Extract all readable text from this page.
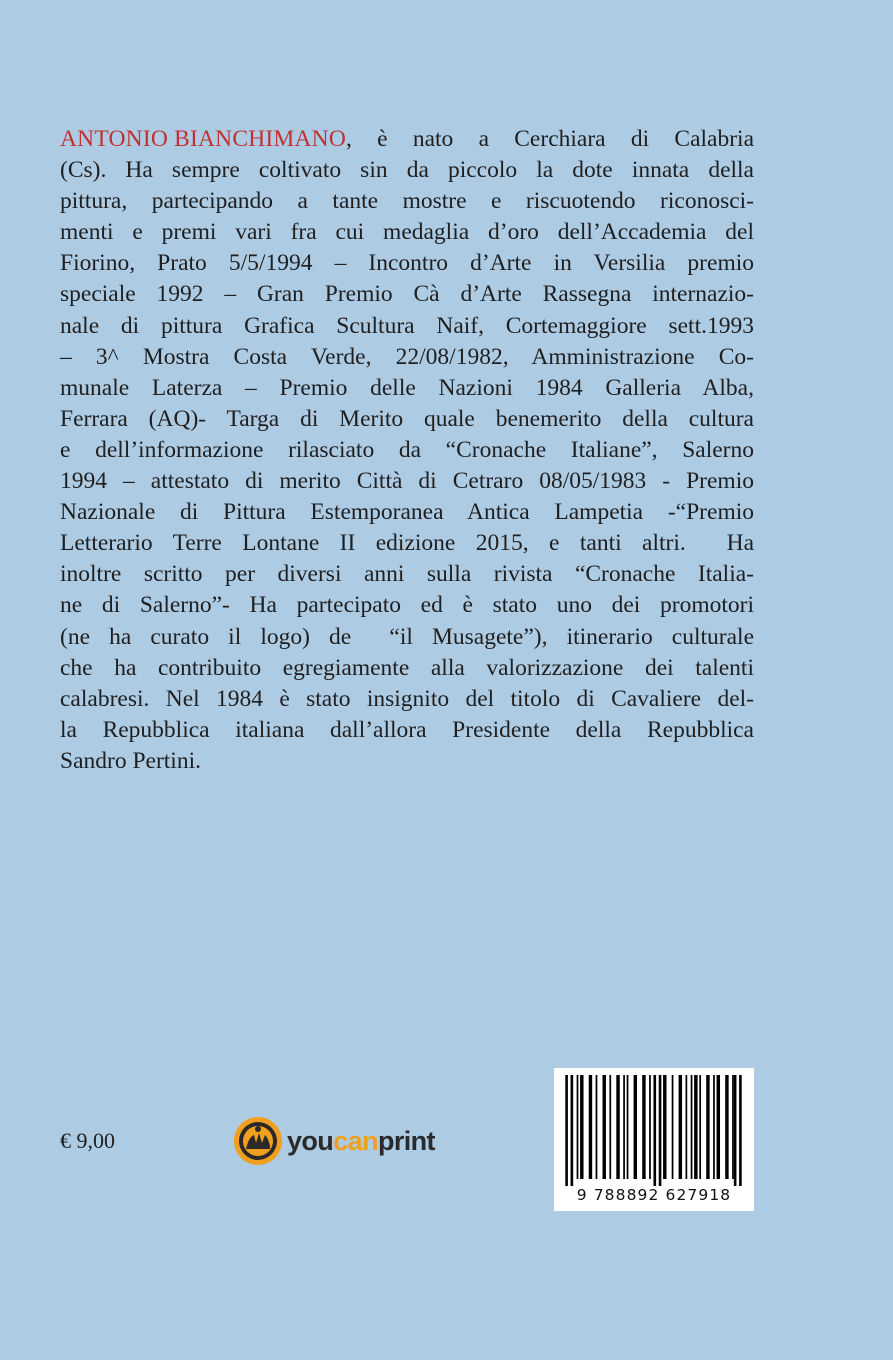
ANTONIO BIANCHIMANO , è nato a Cerchiara di Calabria
(Cs). Ha sempre coltivato sin da piccolo la dote innata della
pittura, partecipando a tante mostre e riscuotendo riconosci-
menti e premi vari fra cui medaglia d’oro dell’Accademia del
Fiorino, Prato 5/5/1994 – Incontro d’Arte in Versilia premio
speciale 1992 – Gran Premio Cà d’Arte Rassegna internazio-
nale di pittura Grafica Scultura Naif, Cortemaggiore sett.1993
– 3^ Mostra Costa Verde, 22/08/1982, Amministrazione Co-
munale Laterza – Premio delle Nazioni 1984 Galleria Alba,
Ferrara (AQ)- Targa di Merito quale benemerito della cultura
e dell’informazione rilasciato da “Cronache Italiane”, Salerno
1994 – attestato di merito Città di Cetraro 08/05/1983 - Premio
Nazionale di Pittura Estemporanea Antica Lampetia -“Premio
Letterario Terre Lontane II edizione 2015, e tanti altri.  Ha
inoltre scritto per diversi anni sulla rivista “Cronache Italia-
ne di Salerno”- Ha partecipato ed è stato uno dei promotori
(ne ha curato il logo) de  “il Musagete”), itinerario culturale
che ha contribuito egregiamente alla valorizzazione dei talenti
calabresi. Nel 1984 è stato insignito del titolo di Cavaliere del-
la Repubblica italiana dall’allora Presidente della Repubblica
Sandro Pertini.
€ 9,00	youcanprint
9 788892 627918
